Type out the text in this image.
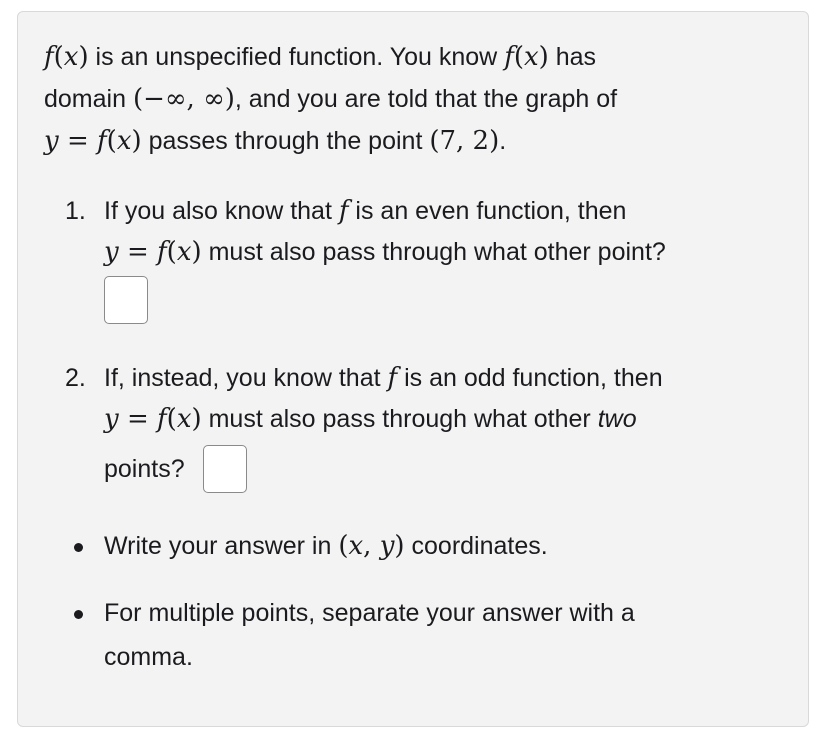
f(x) is an unspecified function. You know f(x) has
domain (−∞, ∞), and you are told that the graph of
y = f(x) passes through the point (7, 2).
1. If you also know that f is an even function, then
y = f(x) must also pass through what other point?
2. If, instead, you know that f is an odd function, then
y = f(x) must also pass through what other two
points?
Write your answer in (x, y) coordinates.
For multiple points, separate your answer with a
comma.
